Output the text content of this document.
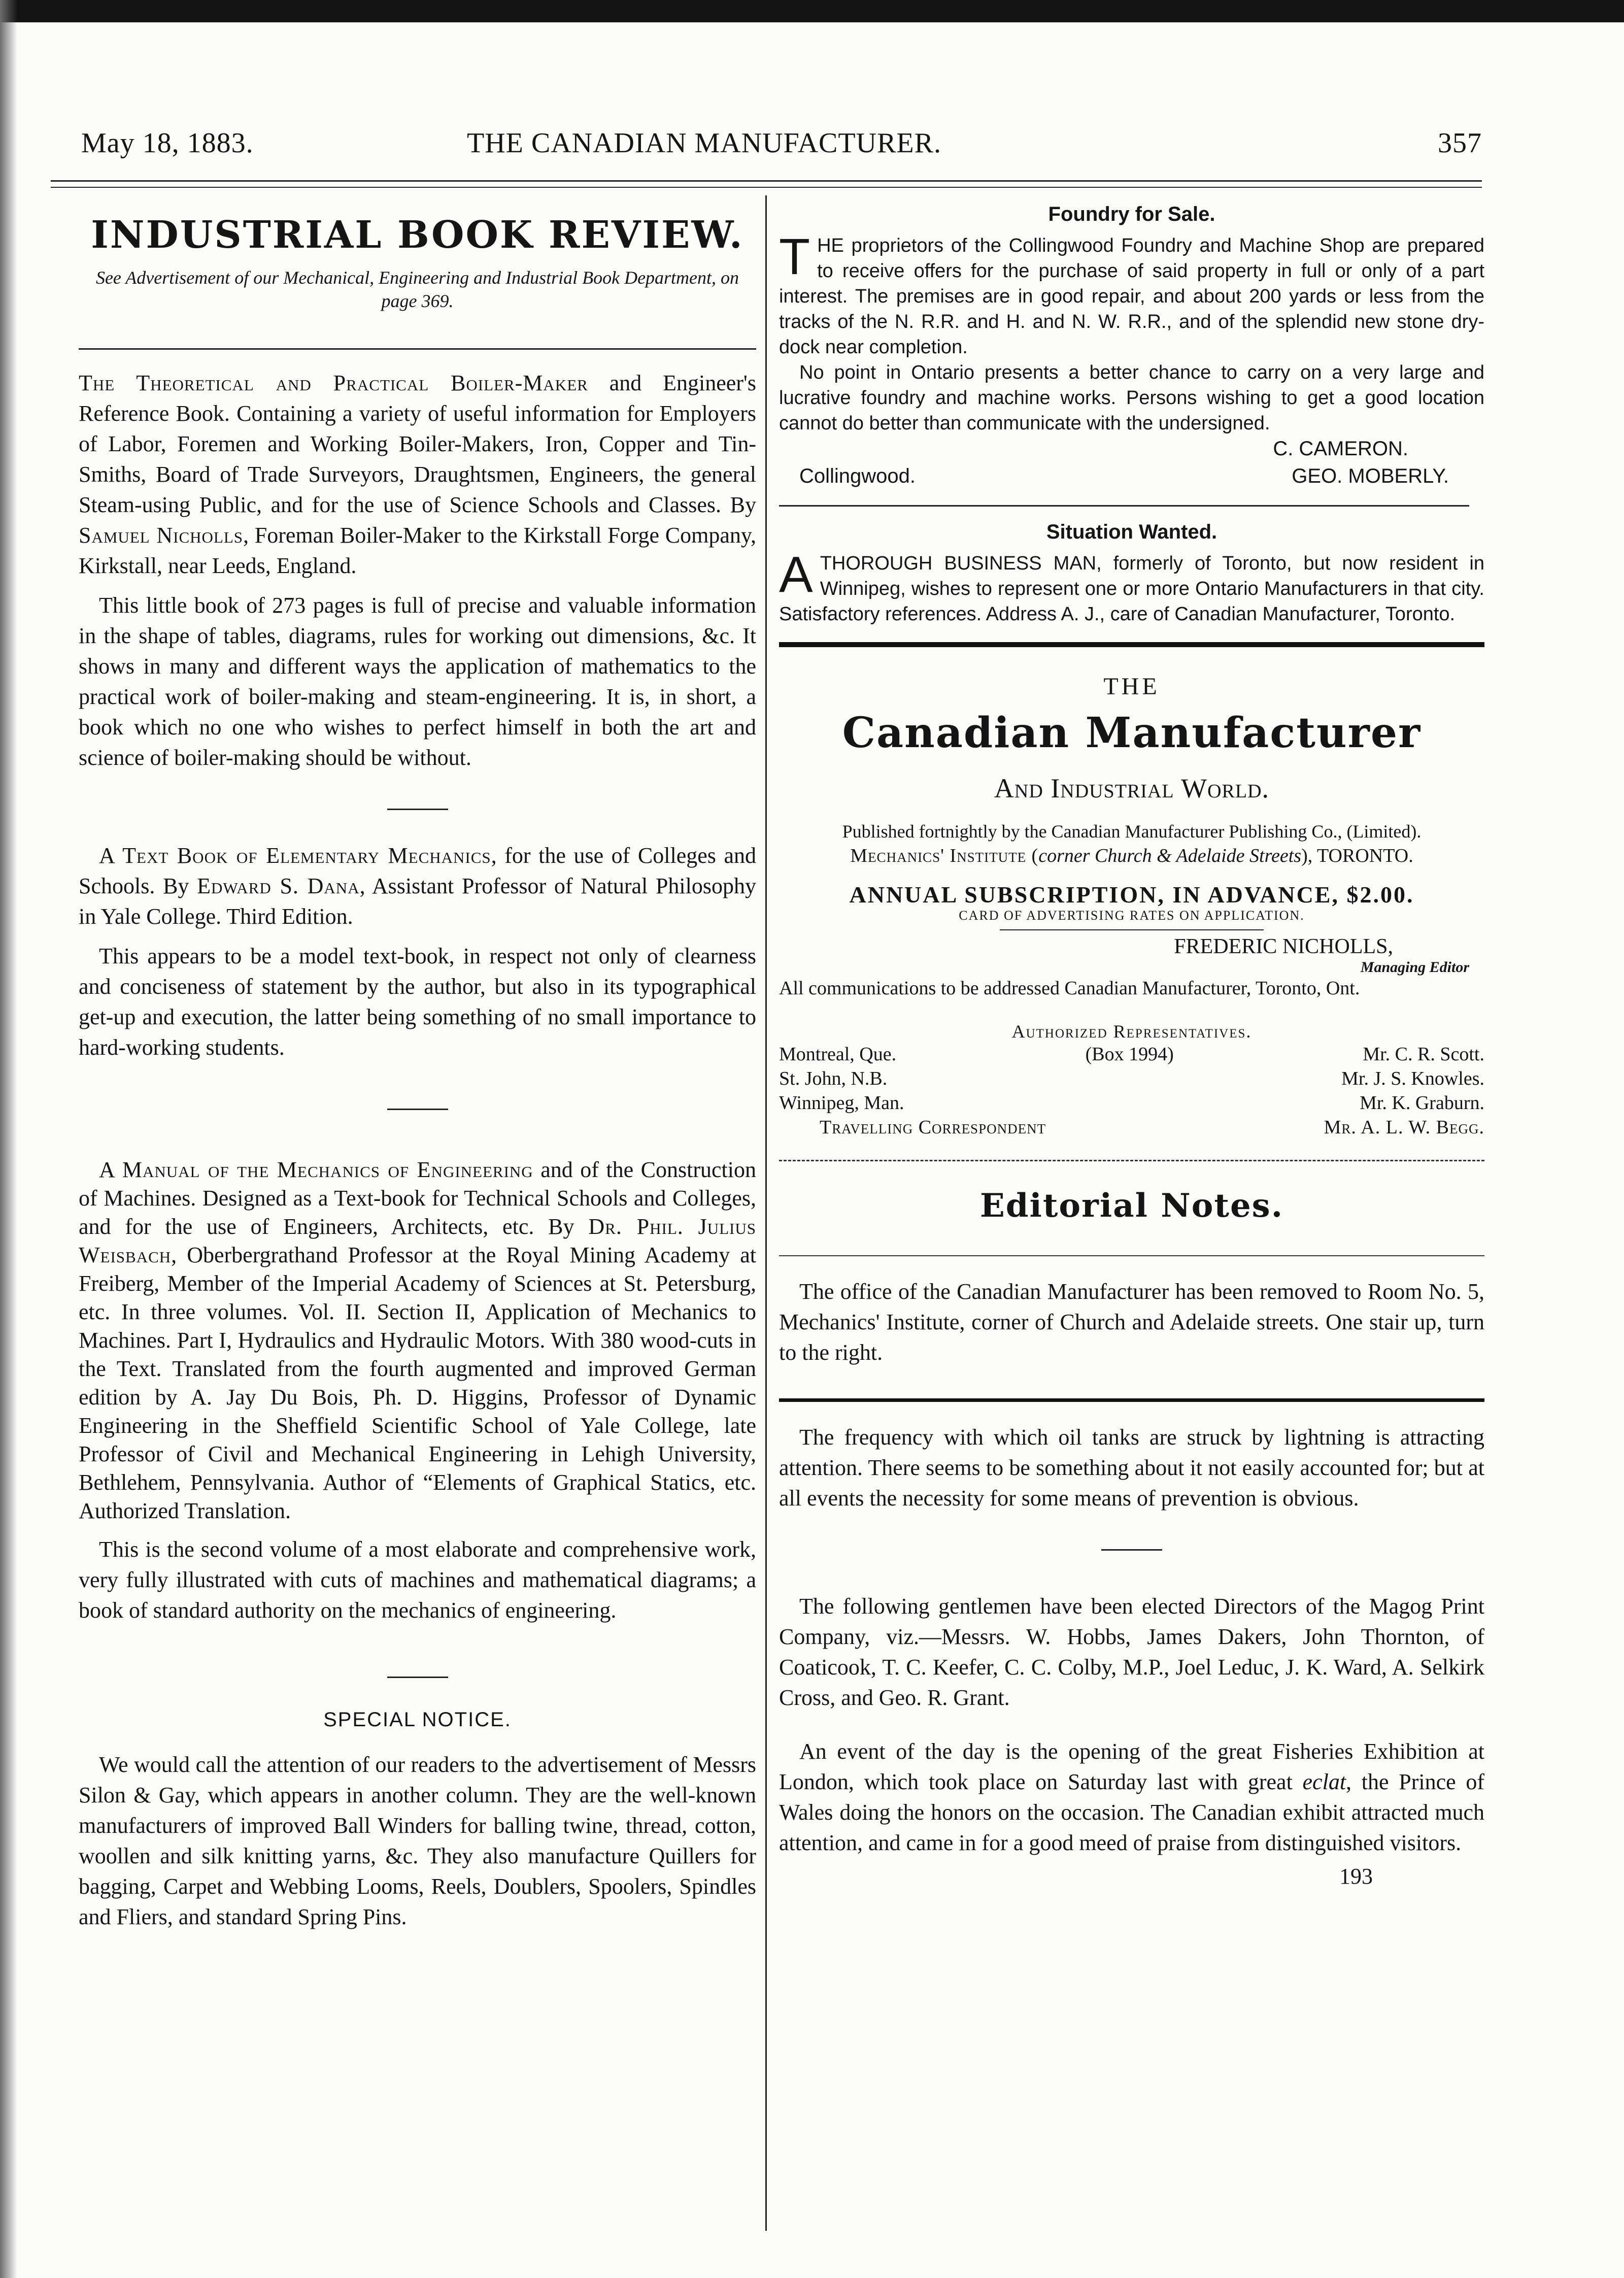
May 18, 1883.	THE CANADIAN MANUFACTURER.	357
INDUSTRIAL BOOK REVIEW.

See Advertisement of our Mechanical, Engineering and Industrial Book Department, on page 369.

The Theoretical and Practical Boiler-Maker and Engineer's Reference Book. Containing a variety of useful information for Employers of Labor, Foremen and Working Boiler-Makers, Iron, Copper and Tin-Smiths, Board of Trade Surveyors, Draughtsmen, Engineers, the general Steam-using Public, and for the use of Science Schools and Classes. By Samuel Nicholls, Foreman Boiler-Maker to the Kirkstall Forge Company, Kirkstall, near Leeds, England.

This little book of 273 pages is full of precise and valuable information in the shape of tables, diagrams, rules for working out dimensions, &c. It shows in many and different ways the application of mathematics to the practical work of boiler-making and steam-engineering. It is, in short, a book which no one who wishes to perfect himself in both the art and science of boiler-making should be without.

A Text Book of Elementary Mechanics, for the use of Colleges and Schools. By Edward S. Dana, Assistant Professor of Natural Philosophy in Yale College. Third Edition.

This appears to be a model text-book, in respect not only of clearness and conciseness of statement by the author, but also in its typographical get-up and execution, the latter being something of no small importance to hard-working students.

A Manual of the Mechanics of Engineering and of the Construction of Machines. Designed as a Text-book for Technical Schools and Colleges, and for the use of Engineers, Architects, etc. By Dr. Phil. Julius Weisbach, Oberbergrathand Professor at the Royal Mining Academy at Freiberg, Member of the Imperial Academy of Sciences at St. Petersburg, etc. In three volumes. Vol. II. Section II, Application of Mechanics to Machines. Part I, Hydraulics and Hydraulic Motors. With 380 wood-cuts in the Text. Translated from the fourth augmented and improved German edition by A. Jay Du Bois, Ph. D. Higgins, Professor of Dynamic Engineering in the Sheffield Scientific School of Yale College, late Professor of Civil and Mechanical Engineering in Lehigh University, Bethlehem, Pennsylvania. Author of “Elements of Graphical Statics, etc. Authorized Translation.

This is the second volume of a most elaborate and comprehensive work, very fully illustrated with cuts of machines and mathematical diagrams; a book of standard authority on the mechanics of engineering.

SPECIAL NOTICE.

We would call the attention of our readers to the advertisement of Messrs Silon & Gay, which appears in another column. They are the well-known manufacturers of improved Ball Winders for balling twine, thread, cotton, woollen and silk knitting yarns, &c. They also manufacture Quillers for bagging, Carpet and Webbing Looms, Reels, Doublers, Spoolers, Spindles and Fliers, and standard Spring Pins.

Foundry for Sale.

THE proprietors of the Collingwood Foundry and Machine Shop are prepared to receive offers for the purchase of said property in full or only of a part interest. The premises are in good repair, and about 200 yards or less from the tracks of the N. R.R. and H. and N. W. R.R., and of the splendid new stone dry-dock near completion.

No point in Ontario presents a better chance to carry on a very large and lucrative foundry and machine works. Persons wishing to get a good location cannot do better than communicate with the undersigned.

C. CAMERON.
Collingwood.	GEO. MOBERLY.
Situation Wanted.

A THOROUGH BUSINESS MAN, formerly of Toronto, but now resident in Winnipeg, wishes to represent one or more Ontario Manufacturers in that city. Satisfactory references. Address A. J., care of Canadian Manufacturer, Toronto.

THE
Canadian Manufacturer
And Industrial World.

Published fortnightly by the Canadian Manufacturer Publishing Co., (Limited).

Mechanics' Institute (corner Church & Adelaide Streets), TORONTO.

ANNUAL SUBSCRIPTION, IN ADVANCE, $2.00.
CARD OF ADVERTISING RATES ON APPLICATION.
FREDERIC NICHOLLS,
Managing Editor

All communications to be addressed Canadian Manufacturer, Toronto, Ont.

Authorized Representatives.
Montreal, Que.	(Box 1994)	Mr. C. R. Scott.
St. John, N.B.	Mr. J. S. Knowles.
Winnipeg, Man.	Mr. K. Graburn.
Travelling Correspondent	Mr. A. L. W. Begg.
Editorial Notes.

The office of the Canadian Manufacturer has been removed to Room No. 5, Mechanics' Institute, corner of Church and Adelaide streets. One stair up, turn to the right.

The frequency with which oil tanks are struck by lightning is attracting attention. There seems to be something about it not easily accounted for; but at all events the necessity for some means of prevention is obvious.

The following gentlemen have been elected Directors of the Magog Print Company, viz.—Messrs. W. Hobbs, James Dakers, John Thornton, of Coaticook, T. C. Keefer, C. C. Colby, M.P., Joel Leduc, J. K. Ward, A. Selkirk Cross, and Geo. R. Grant.

An event of the day is the opening of the great Fisheries Exhibition at London, which took place on Saturday last with great eclat, the Prince of Wales doing the honors on the occasion. The Canadian exhibit attracted much attention, and came in for a good meed of praise from distinguished visitors.

193
